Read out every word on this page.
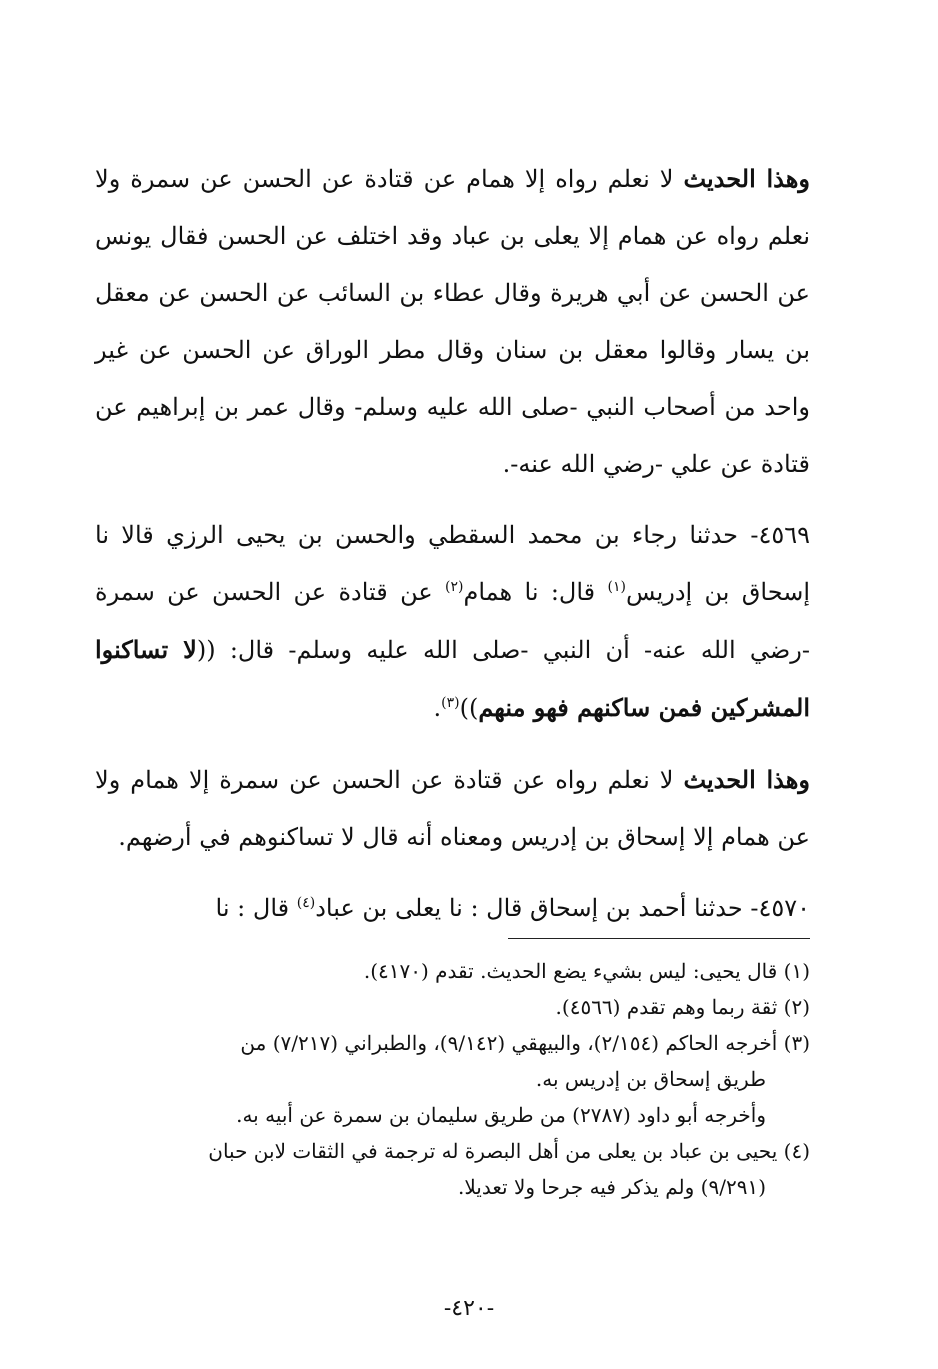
وهذا الحديث لا نعلم رواه إلا همام عن قتادة عن الحسن عن سمرة ولا نعلم رواه عن همام إلا يعلى بن عباد وقد اختلف عن الحسن فقال يونس عن الحسن عن أبي هريرة وقال عطاء بن السائب عن الحسن عن معقل بن يسار وقالوا معقل بن سنان وقال مطر الوراق عن الحسن عن غير واحد من أصحاب النبي -صلى الله عليه وسلم- وقال عمر بن إبراهيم عن قتادة عن علي -رضي الله عنه-.

٤٥٦٩- حدثنا رجاء بن محمد السقطي والحسن بن يحيى الرزي قالا نا إسحاق بن إدريس$^{(١)}$ قال: نا همام$^{(٢)}$ عن قتادة عن الحسن عن سمرة -رضي الله عنه- أن النبي -صلى الله عليه وسلم- قال: ((لا تساكنوا المشركين فمن ساكنهم فهو منهم))$^{(٣)}$.

وهذا الحديث لا نعلم رواه عن قتادة عن الحسن عن سمرة إلا همام ولا عن همام إلا إسحاق بن إدريس ومعناه أنه قال لا تساكنوهم في أرضهم.

٤٥٧٠- حدثنا أحمد بن إسحاق قال : نا يعلى بن عباد$^{(٤)}$ قال : نا

(١) قال يحيى: ليس بشيء يضع الحديث. تقدم (٤١٧٠).

(٢) ثقة ربما وهم تقدم (٤٥٦٦).

(٣) أخرجه الحاكم (٢/١٥٤)، والبيهقي (٩/١٤٢)، والطبراني (٧/٢١٧) من
طريق إسحاق بن إدريس به.

وأخرجه أبو داود (٢٧٨٧) من طريق سليمان بن سمرة عن أبيه به.

(٤) يحيى بن عباد بن يعلى من أهل البصرة له ترجمة في الثقات لابن حبان
(٩/٢٩١) ولم يذكر فيه جرحا ولا تعديلا.

-٤٢٠-
